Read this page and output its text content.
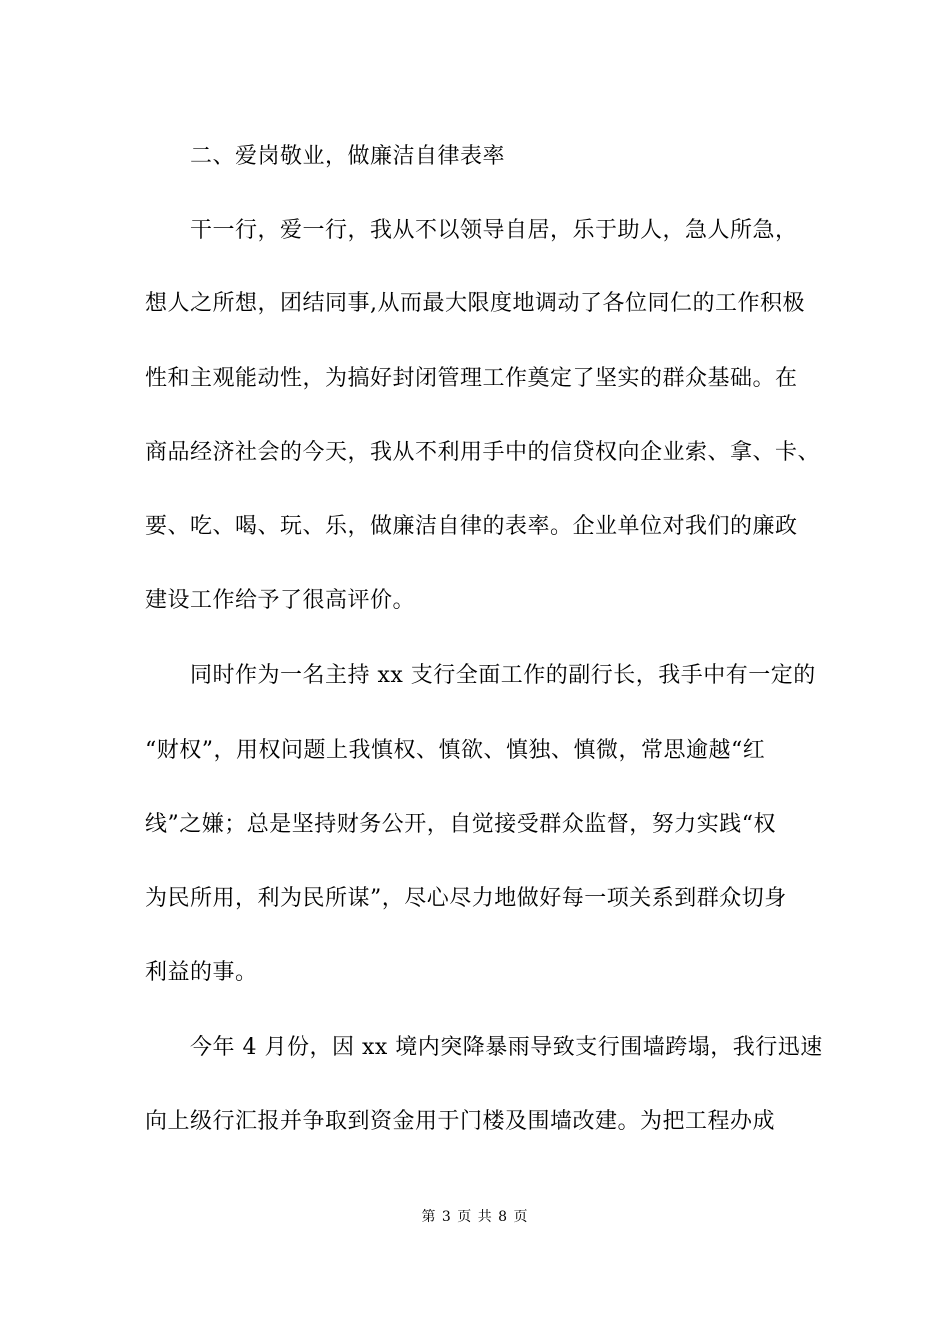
二、爱岗敬业，做廉洁自律表率
干一行，爱一行，我从不以领导自居，乐于助人，急人所急，
想人之所想，团结同事,从而最大限度地调动了各位同仁的工作积极
性和主观能动性，为搞好封闭管理工作奠定了坚实的群众基础。在
商品经济社会的今天，我从不利用手中的信贷权向企业索、拿、卡、
要、吃、喝、玩、乐，做廉洁自律的表率。企业单位对我们的廉政
建设工作给予了很高评价。
同时作为一名主持 xx 支行全面工作的副行长，我手中有一定的
“财权”，用权问题上我慎权、慎欲、慎独、慎微，常思逾越“红
线”之嫌；总是坚持财务公开，自觉接受群众监督，努力实践“权
为民所用，利为民所谋”，尽心尽力地做好每一项关系到群众切身
利益的事。
今年 4 月份，因 xx 境内突降暴雨导致支行围墙跨塌，我行迅速
向上级行汇报并争取到资金用于门楼及围墙改建。为把工程办成
第 3 页 共 8 页
